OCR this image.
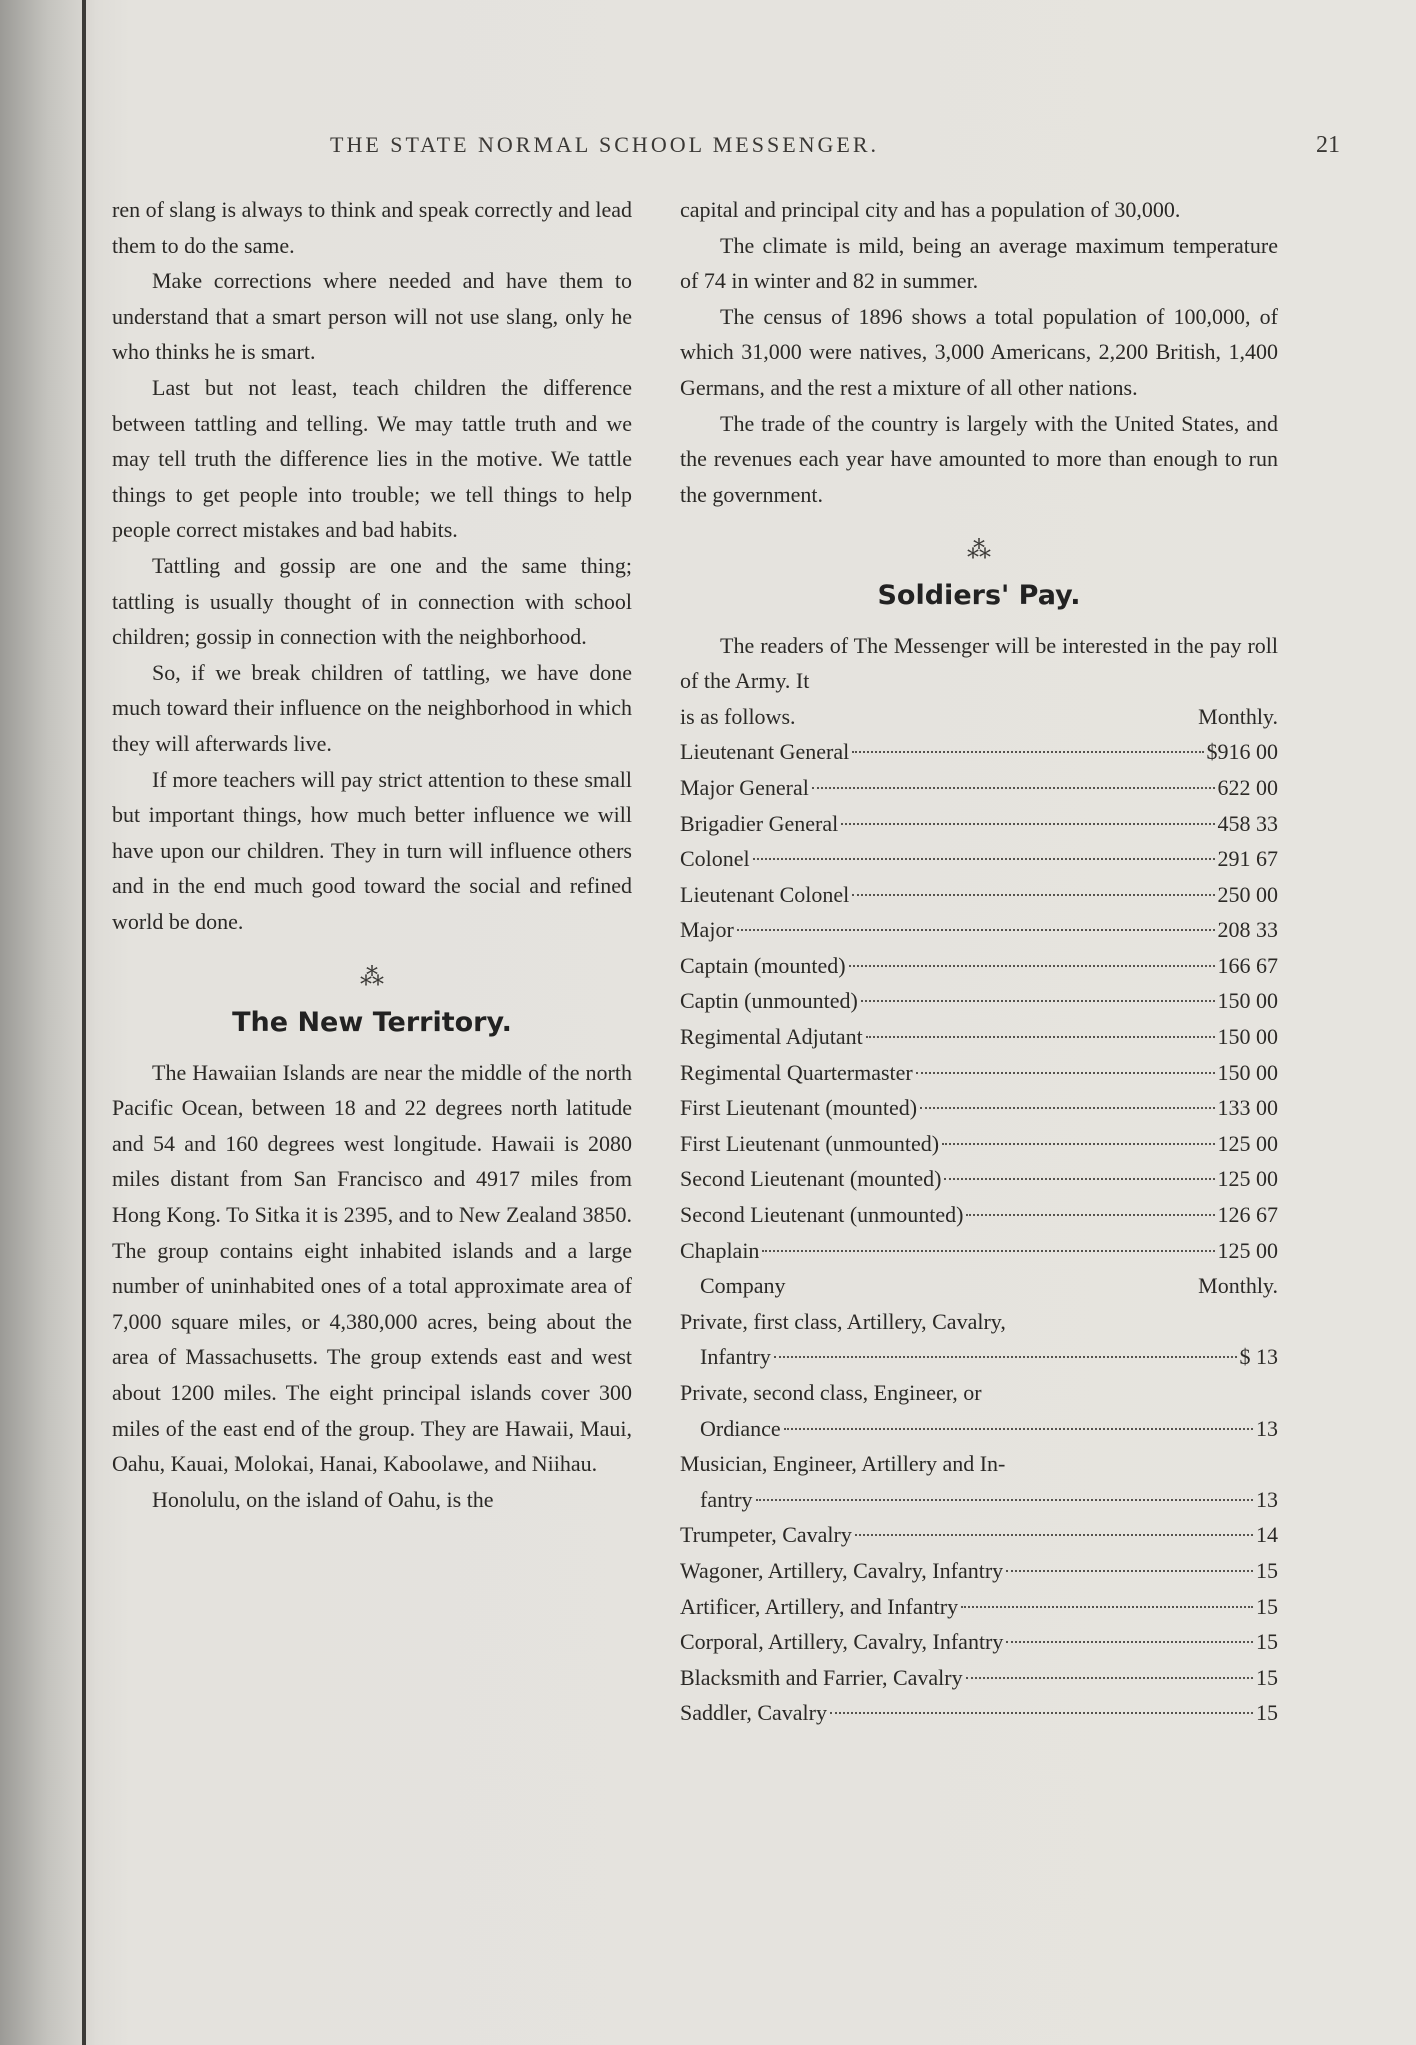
THE STATE NORMAL SCHOOL MESSENGER.	21

ren of slang is always to think and speak correctly and lead them to do the same.

Make corrections where needed and have them to understand that a smart person will not use slang, only he who thinks he is smart.

Last but not least, teach children the difference between tattling and telling. We may tattle truth and we may tell truth the difference lies in the motive. We tattle things to get people into trouble; we tell things to help people correct mistakes and bad habits.

Tattling and gossip are one and the same thing; tattling is usually thought of in connection with school children; gossip in connection with the neighborhood.

So, if we break children of tattling, we have done much toward their influence on the neighborhood in which they will afterwards live.

If more teachers will pay strict attention to these small but important things, how much better influence we will have upon our children. They in turn will influence others and in the end much good toward the social and refined world be done.

⁂
The New Territory.

The Hawaiian Islands are near the middle of the north Pacific Ocean, between 18 and 22 degrees north latitude and 54 and 160 degrees west longitude. Hawaii is 2080 miles distant from San Francisco and 4917 miles from Hong Kong. To Sitka it is 2395, and to New Zealand 3850. The group contains eight inhabited islands and a large number of uninhabited ones of a total approximate area of 7,000 square miles, or 4,380,000 acres, being about the area of Massachusetts. The group extends east and west about 1200 miles. The eight principal islands cover 300 miles of the east end of the group. They are Hawaii, Maui, Oahu, Kauai, Molokai, Hanai, Kaboolawe, and Niihau.

Honolulu, on the island of Oahu, is the

capital and principal city and has a population of 30,000.

The climate is mild, being an average maximum temperature of 74 in winter and 82 in summer.

The census of 1896 shows a total population of 100,000, of which 31,000 were natives, 3,000 Americans, 2,200 British, 1,400 Germans, and the rest a mixture of all other nations.

The trade of the country is largely with the United States, and the revenues each year have amounted to more than enough to run the government.

⁂
Soldiers' Pay.

The readers of The Messenger will be interested in the pay roll of the Army. It

is as follows.	Monthly.
Lieutenant General	$916 00
Major General	622 00
Brigadier General	458 33
Colonel	291 67
Lieutenant Colonel	250 00
Major	208 33
Captain (mounted)	166 67
Captin (unmounted)	150 00
Regimental Adjutant	150 00
Regimental Quartermaster	150 00
First Lieutenant (mounted)	133 00
First Lieutenant (unmounted)	125 00
Second Lieutenant (mounted)	125 00
Second Lieutenant (unmounted)	126 67
Chaplain	125 00
Company	Monthly.
Private, first class, Artillery, Cavalry,
Infantry	$ 13
Private, second class, Engineer, or
Ordiance	13
Musician, Engineer, Artillery and In-
fantry	13
Trumpeter, Cavalry	14
Wagoner, Artillery, Cavalry, Infantry	15
Artificer, Artillery, and Infantry	15
Corporal, Artillery, Cavalry, Infantry	15
Blacksmith and Farrier, Cavalry	15
Saddler, Cavalry	15
